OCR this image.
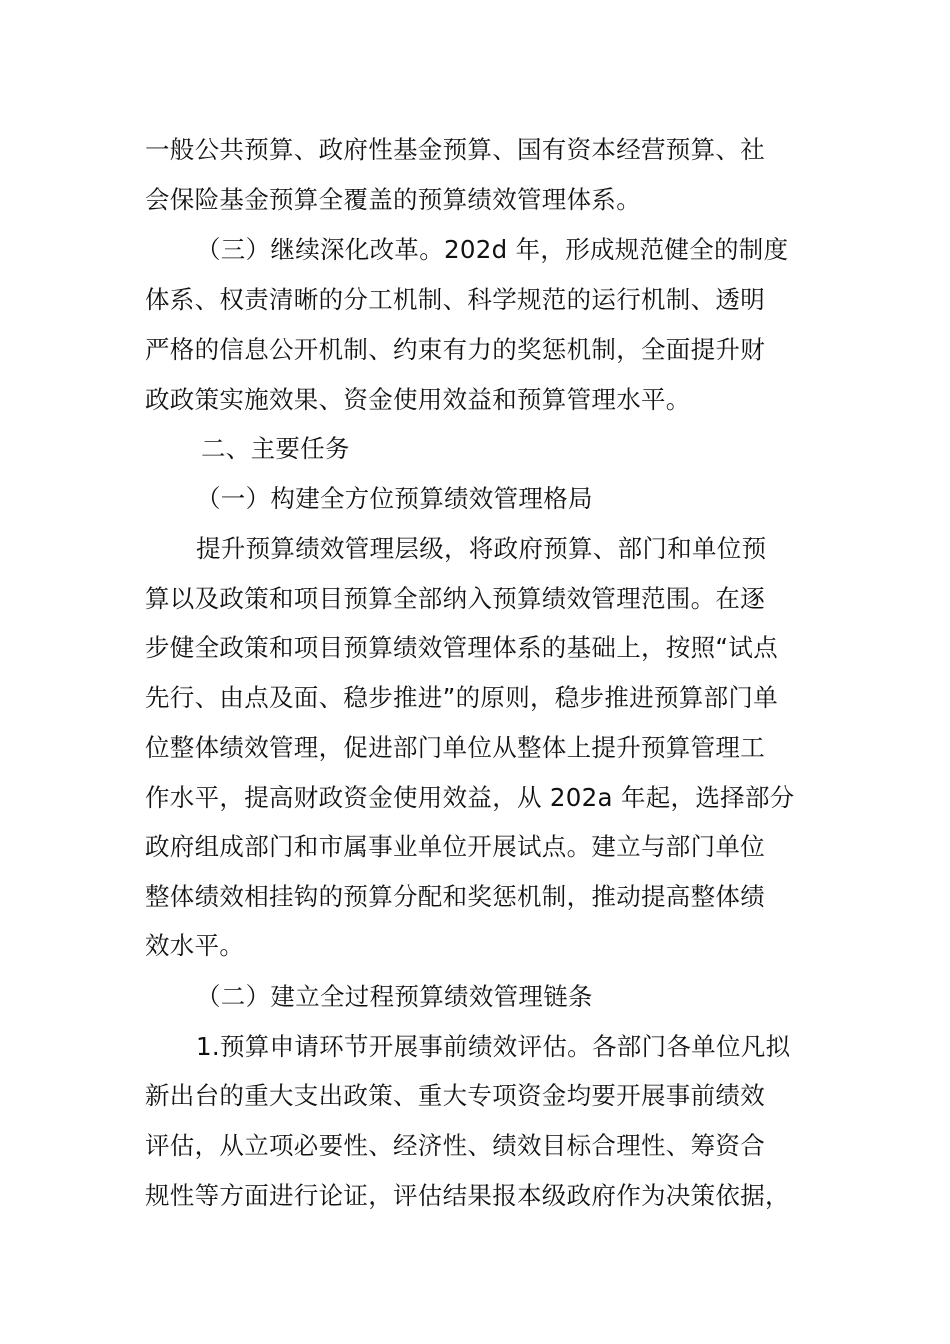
一般公共预算、政府性基金预算、国有资本经营预算、社
会保险基金预算全覆盖的预算绩效管理体系。
（三）继续深化改革。202d 年，形成规范健全的制度
体系、权责清晰的分工机制、科学规范的运行机制、透明
严格的信息公开机制、约束有力的奖惩机制，全面提升财
政政策实施效果、资金使用效益和预算管理水平。
二、主要任务
（一）构建全方位预算绩效管理格局
提升预算绩效管理层级，将政府预算、部门和单位预
算以及政策和项目预算全部纳入预算绩效管理范围。在逐
步健全政策和项目预算绩效管理体系的基础上，按照“试点
先行、由点及面、稳步推进”的原则，稳步推进预算部门单
位整体绩效管理，促进部门单位从整体上提升预算管理工
作水平，提高财政资金使用效益，从 202a 年起，选择部分
政府组成部门和市属事业单位开展试点。建立与部门单位
整体绩效相挂钩的预算分配和奖惩机制，推动提高整体绩
效水平。
（二）建立全过程预算绩效管理链条
1.预算申请环节开展事前绩效评估。各部门各单位凡拟
新出台的重大支出政策、重大专项资金均要开展事前绩效
评估，从立项必要性、经济性、绩效目标合理性、筹资合
规性等方面进行论证，评估结果报本级政府作为决策依据，
